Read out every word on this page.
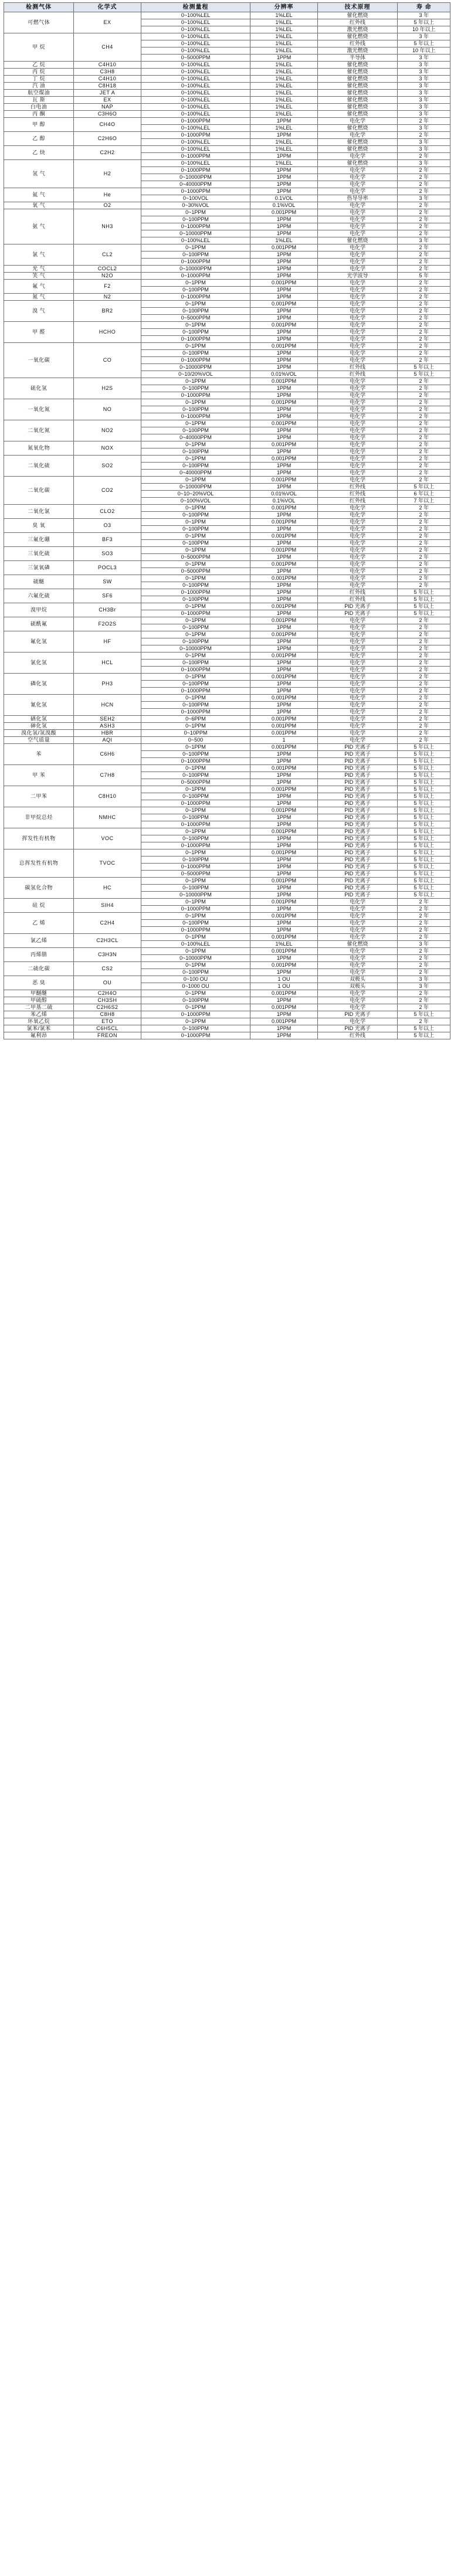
检测气体	化学式	检测量程	分辨率	技术原理	寿 命
可燃气体	EX	0~100%LEL	1%LEL	催化燃烧	3 年
		0~100%LEL	1%LEL	红外线	5 年以上
		0~100%LEL	1%LEL	激光燃烧	10 年以上
甲 烷	CH4	0~100%LEL	1%LEL	催化燃烧	3 年
		0~100%LEL	1%LEL	红外线	5 年以上
		0~100%LEL	1%LEL	激光燃烧	10 年以上
		0~5000PPM	1PPM	半导体	3 年
乙 烷	C4H10	0~100%LEL	1%LEL	催化燃烧	3 年
丙 烷	C3H8	0~100%LEL	1%LEL	催化燃烧	3 年
丁 烷	C4H10	0~100%LEL	1%LEL	催化燃烧	3 年
汽 油	C8H18	0~100%LEL	1%LEL	催化燃烧	3 年
航空煤油	JET A	0~100%LEL	1%LEL	催化燃烧	3 年
瓦 斯	EX	0~100%LEL	1%LEL	催化燃烧	3 年
白电油	NAP	0~100%LEL	1%LEL	催化燃烧	3 年
丙 酮	C3H6O	0~100%LEL	1%LEL	催化燃烧	3 年
甲 醇	CH4O	0~1000PPM	1PPM	电化学	2 年
		0~100%LEL	1%LEL	催化燃烧	3 年
乙 醇	C2H6O	0~1000PPM	1PPM	电化学	2 年
		0~100%LEL	1%LEL	催化燃烧	3 年
乙 炔	C2H2	0~100%LEL	1%LEL	催化燃烧	3 年
		0~1000PPM	1PPM	电化学	2 年
氢 气	H2	0~100%LEL	1%LEL	催化燃烧	3 年
		0~1000PPM	1PPM	电化学	2 年
		0~10000PPM	1PPM	电化学	2 年
		0~40000PPM	1PPM	电化学	2 年
氦 气	He	0~1000PPM	1PPM	电化学	2 年
		0~100VOL	0.1VOL	热导导率	3 年
氧 气	O2	0~30%VOL	0.1%VOL	电化学	2 年
氨 气	NH3	0~1PPM	0.001PPM	电化学	2 年
		0~100PPM	1PPM	电化学	2 年
		0~1000PPM	1PPM	电化学	2 年
		0~10000PPM	1PPM	电化学	2 年
		0~100%LEL	1%LEL	催化燃烧	3 年
氯 气	CL2	0~1PPM	0.001PPM	电化学	2 年
		0~100PPM	1PPM	电化学	2 年
		0~1000PPM	1PPM	电化学	2 年
光 气	COCL2	0~10000PPM	1PPM	电化学	2 年
笑 气	N2O	0~1000PPM	1PPM	光学波导	5 年
氟 气	F2	0~1PPM	0.001PPM	电化学	2 年
		0~100PPM	1PPM	电化学	2 年
氮 气	N2	0~1000PPM	1PPM	电化学	2 年
溴 气	BR2	0~1PPM	0.001PPM	电化学	2 年
		0~100PPM	1PPM	电化学	2 年
		0~5000PPM	1PPM	电化学	2 年
甲 醛	HCHO	0~1PPM	0.001PPM	电化学	2 年
		0~100PPM	1PPM	电化学	2 年
		0~1000PPM	1PPM	电化学	2 年
一氧化碳	CO	0~1PPM	0.001PPM	电化学	2 年
		0~100PPM	1PPM	电化学	2 年
		0~1000PPM	1PPM	电化学	2 年
		0~10000PPM	1PPM	红外线	5 年以上
		0~10/20%VOL	0.01%VOL	红外线	5 年以上
硫化氢	H2S	0~1PPM	0.001PPM	电化学	2 年
		0~100PPM	1PPM	电化学	2 年
		0~1000PPM	1PPM	电化学	2 年
一氧化氮	NO	0~1PPM	0.001PPM	电化学	2 年
		0~100PPM	1PPM	电化学	2 年
		0~1000PPM	1PPM	电化学	2 年
二氧化氮	NO2	0~1PPM	0.001PPM	电化学	2 年
		0~100PPM	1PPM	电化学	2 年
		0~40000PPM	1PPM	电化学	2 年
氮氧化物	NOX	0~1PPM	0.001PPM	电化学	2 年
		0~100PPM	1PPM	电化学	2 年
二氧化硫	SO2	0~1PPM	0.001PPM	电化学	2 年
		0~100PPM	1PPM	电化学	2 年
		0~40000PPM	1PPM	电化学	2 年
二氧化碳	CO2	0~1PPM	0.001PPM	电化学	2 年
		0~10000PPM	1PPM	红外线	5 年以上
		0~10~20%VOL	0.01%VOL	红外线	6 年以上
		0~100%VOL	0.1%VOL	红外线	7 年以上
二氧化氯	CLO2	0~1PPM	0.001PPM	电化学	2 年
		0~100PPM	1PPM	电化学	2 年
臭 氧	O3	0~1PPM	0.001PPM	电化学	2 年
		0~100PPM	1PPM	电化学	2 年
三氟化硼	BF3	0~1PPM	0.001PPM	电化学	2 年
		0~100PPM	1PPM	电化学	2 年
三氧化硫	SO3	0~1PPM	0.001PPM	电化学	2 年
		0~5000PPM	1PPM	电化学	2 年
三氯氧磷	POCL3	0~1PPM	0.001PPM	电化学	2 年
		0~5000PPM	1PPM	电化学	2 年
硫醚	SW	0~1PPM	0.001PPM	电化学	2 年
		0~100PPM	1PPM	电化学	2 年
六氟化硫	SF6	0~1000PPM	1PPM	红外线	5 年以上
		0~100PPM	1PPM	红外线	5 年以上
溴甲烷	CH3Br	0~1PPM	0.001PPM	PID 光离子	5 年以上
		0~1000PPM	1PPM	PID 光离子	5 年以上
硫酰氟	F2O2S	0~1PPM	0.001PPM	电化学	2 年
		0~100PPM	1PPM	电化学	2 年
氟化氢	HF	0~1PPM	0.001PPM	电化学	2 年
		0~100PPM	1PPM	电化学	2 年
		0~10000PPM	1PPM	电化学	2 年
氯化氢	HCL	0~1PPM	0.001PPM	电化学	2 年
		0~100PPM	1PPM	电化学	2 年
		0~1000PPM	1PPM	电化学	2 年
磷化氢	PH3	0~1PPM	0.001PPM	电化学	2 年
		0~100PPM	1PPM	电化学	2 年
		0~1000PPM	1PPM	电化学	2 年
氰化氢	HCN	0~1PPM	0.001PPM	电化学	2 年
		0~100PPM	1PPM	电化学	2 年
		0~1000PPM	1PPM	电化学	2 年
硒化氢	SEH2	0~6PPM	0.001PPM	电化学	2 年
砷化氢	ASH3	0~1PPM	0.001PPM	电化学	2 年
溴化氢/氢溴酸	HBR	0~10PPM	0.001PPM	电化学	2 年
空气质量	AQI	0~500	1	电化学	2 年
苯	C6H6	0~1PPM	0.001PPM	PID 光离子	5 年以上
		0~100PPM	1PPM	PID 光离子	5 年以上
		0~1000PPM	1PPM	PID 光离子	5 年以上
甲 苯	C7H8	0~1PPM	0.001PPM	PID 光离子	5 年以上
		0~100PPM	1PPM	PID 光离子	5 年以上
		0~5000PPM	1PPM	PID 光离子	5 年以上
二甲苯	C8H10	0~1PPM	0.001PPM	PID 光离子	5 年以上
		0~100PPM	1PPM	PID 光离子	5 年以上
		0~1000PPM	1PPM	PID 光离子	5 年以上
非甲烷总烃	NMHC	0~1PPM	0.001PPM	PID 光离子	5 年以上
		0~100PPM	1PPM	PID 光离子	5 年以上
		0~1000PPM	1PPM	PID 光离子	5 年以上
挥发性有机物	VOC	0~1PPM	0.001PPM	PID 光离子	5 年以上
		0~100PPM	1PPM	PID 光离子	5 年以上
		0~1000PPM	1PPM	PID 光离子	5 年以上
总挥发性有机物	TVOC	0~1PPM	0.001PPM	PID 光离子	5 年以上
		0~100PPM	1PPM	PID 光离子	5 年以上
		0~1000PPM	1PPM	PID 光离子	5 年以上
		0~5000PPM	1PPM	PID 光离子	5 年以上
碳氢化合物	HC	0~1PPM	0.001PPM	PID 光离子	5 年以上
		0~100PPM	1PPM	PID 光离子	5 年以上
		0~10000PPM	1PPM	PID 光离子	5 年以上
硅 烷	SIH4	0~1PPM	0.001PPM	电化学	2 年
		0~1000PPM	1PPM	电化学	2 年
乙 烯	C2H4	0~1PPM	0.001PPM	电化学	2 年
		0~100PPM	1PPM	电化学	2 年
		0~1000PPM	1PPM	电化学	2 年
氯乙烯	C2H3CL	0~1PPM	0.001PPM	电化学	2 年
		0~100%LEL	1%LEL	催化燃烧	3 年
丙烯腈	C3H3N	0~1PPM	0.001PPM	电化学	2 年
		0~10000PPM	1PPM	电化学	2 年
二硫化碳	CS2	0~1PPM	0.001PPM	电化学	2 年
		0~100PPM	1PPM	电化学	2 年
恶 臭	OU	0~100 OU	1 OU	双极头	3 年
		0~1000 OU	1 OU	双极头	3 年
甲醚醚	C2H4O	0~1PPM	0.001PPM	电化学	2 年
甲硫醇	CH3SH	0~100PPM	1PPM	电化学	2 年
二甲基二硫	C2H6S2	0~1PPM	0.001PPM	电化学	2 年
苯乙烯	C8H8	0~1000PPM	1PPM	PID 光离子	5 年以上
环氧乙烷	ETO	0~1PPM	0.001PPM	电化学	2 年
氯苯/氯苯	C6H5CL	0~100PPM	1PPM	PID 光离子	5 年以上
氟利昂	FREON	0~1000PPM	1PPM	红外线	5 年以上
